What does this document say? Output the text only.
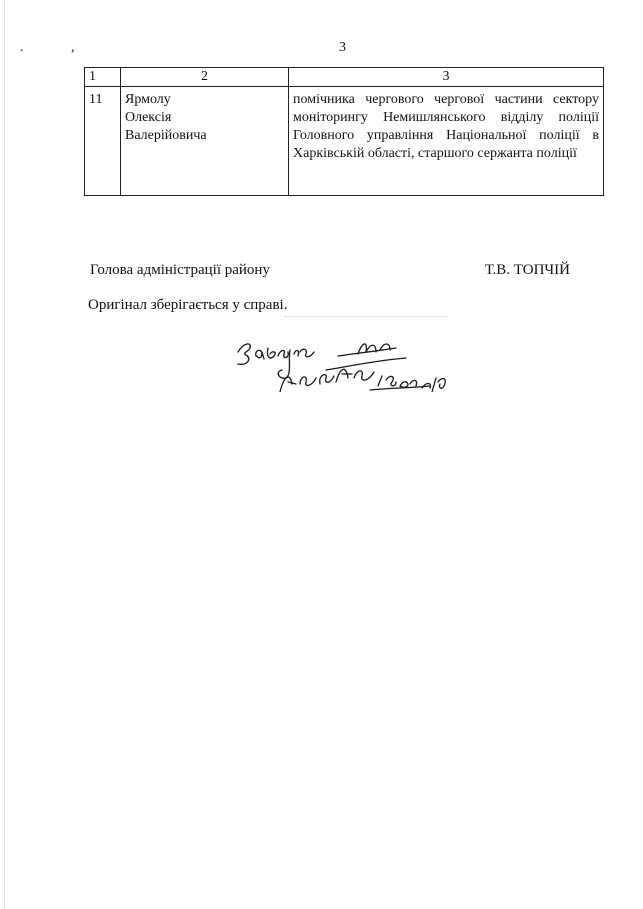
. ,	3
1	2	3
11	Ярмолу
Олексія
Валерійовича	помічника чергового чергової частини сектору моніторингу Немишлянського відділу поліції Головного управління Національної поліції в Харківській області, старшого сержанта поліції
Голова адміністрації району	Т.В. ТОПЧІЙ
Оригінал зберігається у справі.
